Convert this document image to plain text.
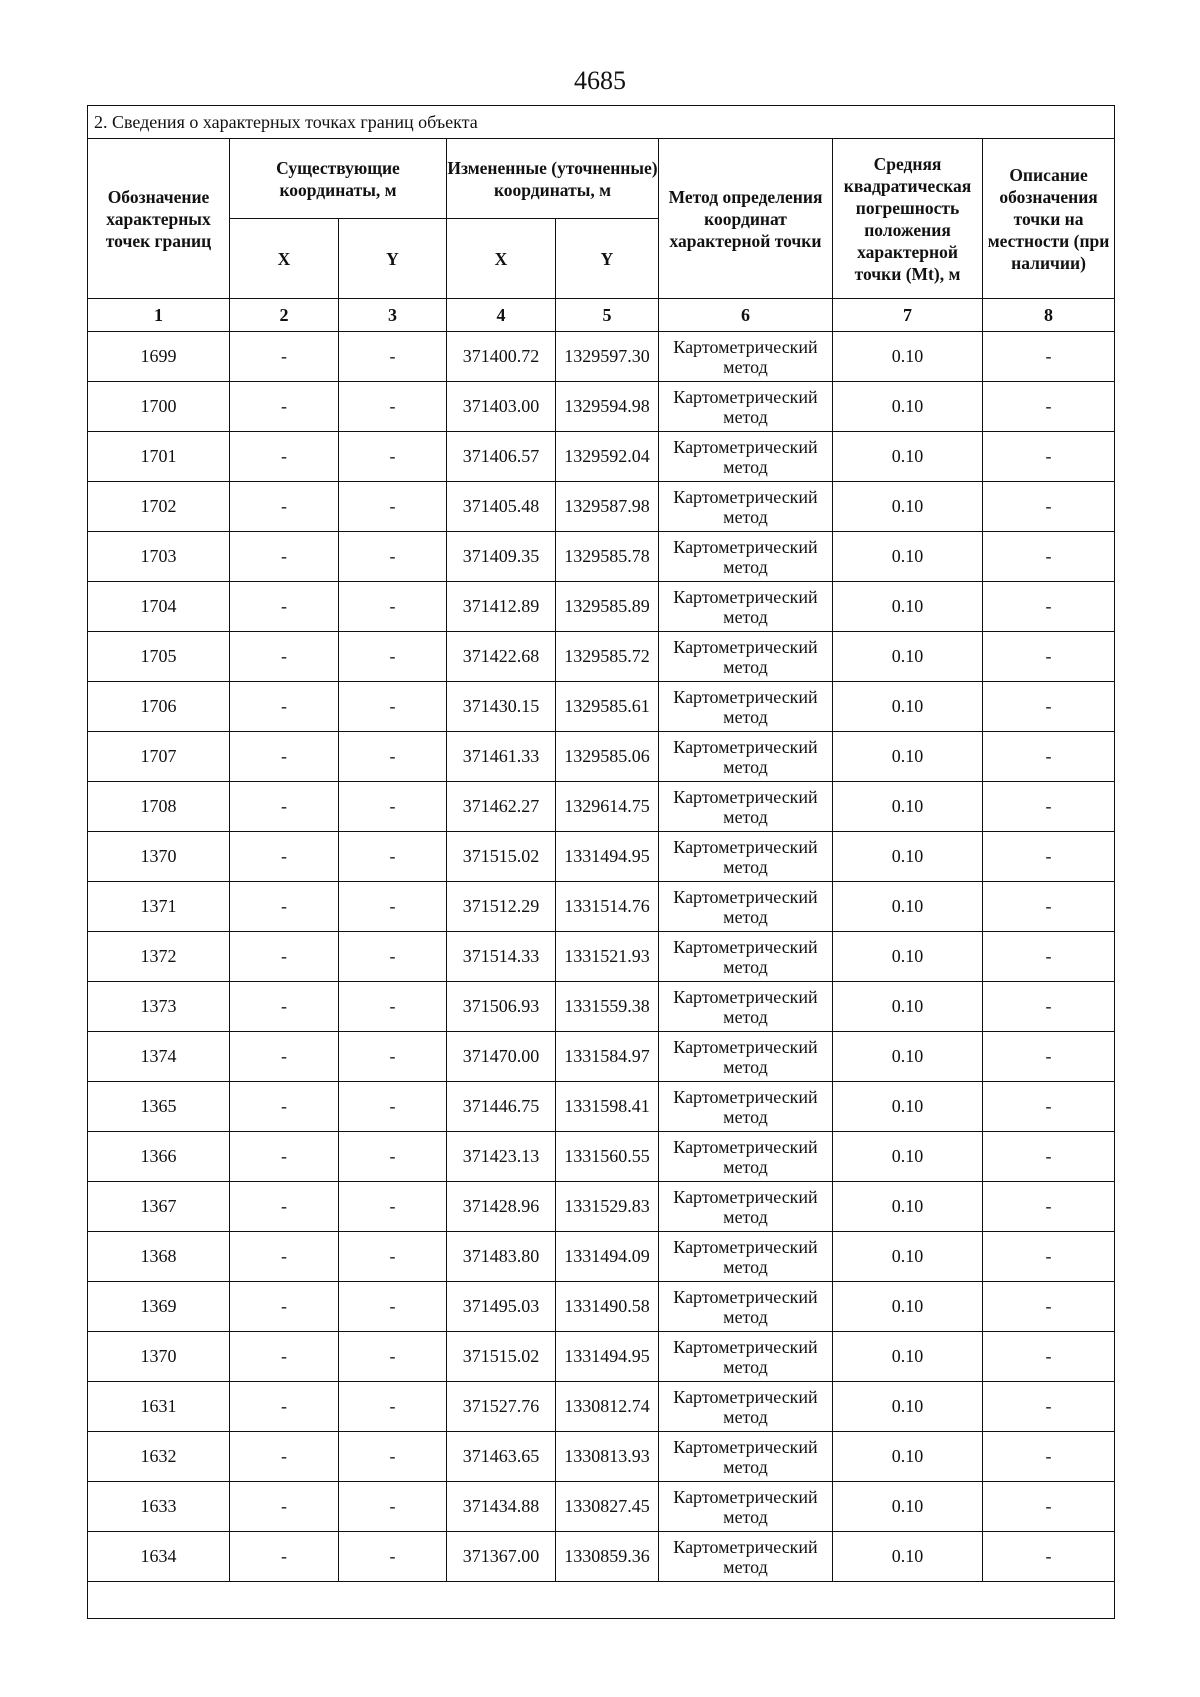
4685
2. Сведения о характерных точках границ объекта							
Обозначение характерных точек границ	Существующие координаты, м		Измененные (уточненные) координаты, м		Метод определения координат характерной точки	Средняя квадратическая погрешность положения характерной точки (Mt), м	Описание обозначения точки на местности (при наличии)
	X	Y	X	Y			
1	2	3	4	5	6	7	8
1699	-	-	371400.72	1329597.30	Картометрический метод	0.10	-
1700	-	-	371403.00	1329594.98	Картометрический метод	0.10	-
1701	-	-	371406.57	1329592.04	Картометрический метод	0.10	-
1702	-	-	371405.48	1329587.98	Картометрический метод	0.10	-
1703	-	-	371409.35	1329585.78	Картометрический метод	0.10	-
1704	-	-	371412.89	1329585.89	Картометрический метод	0.10	-
1705	-	-	371422.68	1329585.72	Картометрический метод	0.10	-
1706	-	-	371430.15	1329585.61	Картометрический метод	0.10	-
1707	-	-	371461.33	1329585.06	Картометрический метод	0.10	-
1708	-	-	371462.27	1329614.75	Картометрический метод	0.10	-
1370	-	-	371515.02	1331494.95	Картометрический метод	0.10	-
1371	-	-	371512.29	1331514.76	Картометрический метод	0.10	-
1372	-	-	371514.33	1331521.93	Картометрический метод	0.10	-
1373	-	-	371506.93	1331559.38	Картометрический метод	0.10	-
1374	-	-	371470.00	1331584.97	Картометрический метод	0.10	-
1365	-	-	371446.75	1331598.41	Картометрический метод	0.10	-
1366	-	-	371423.13	1331560.55	Картометрический метод	0.10	-
1367	-	-	371428.96	1331529.83	Картометрический метод	0.10	-
1368	-	-	371483.80	1331494.09	Картометрический метод	0.10	-
1369	-	-	371495.03	1331490.58	Картометрический метод	0.10	-
1370	-	-	371515.02	1331494.95	Картометрический метод	0.10	-
1631	-	-	371527.76	1330812.74	Картометрический метод	0.10	-
1632	-	-	371463.65	1330813.93	Картометрический метод	0.10	-
1633	-	-	371434.88	1330827.45	Картометрический метод	0.10	-
1634	-	-	371367.00	1330859.36	Картометрический метод	0.10	-
